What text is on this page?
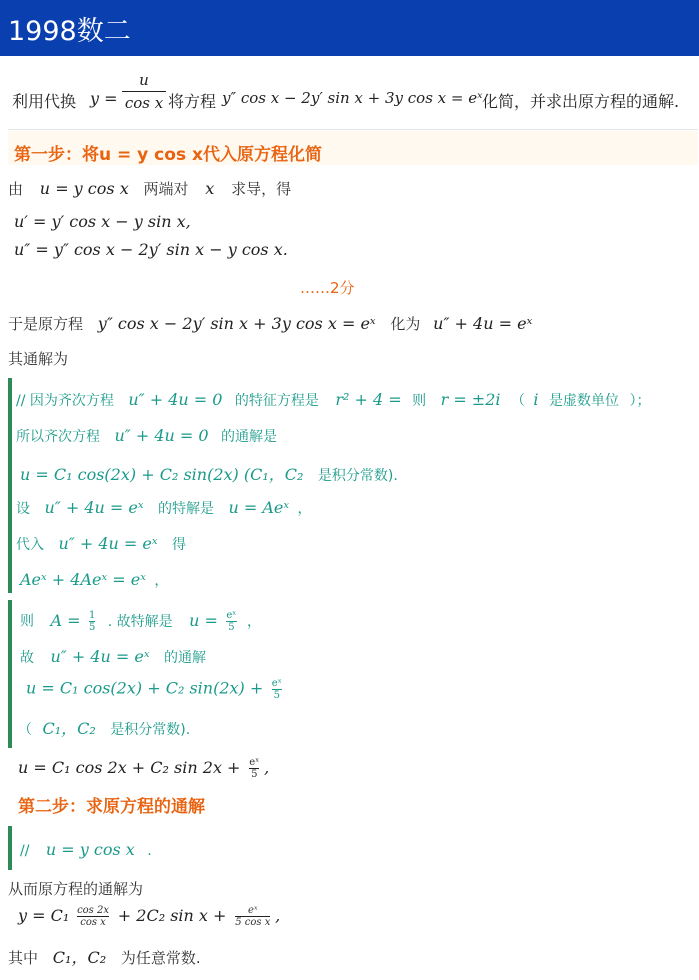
1998数二
利用代换 y =
u
cos x 将方程 y″ cos x − 2y′ sin x + 3y cos x = eˣ 化简，并求出原方程的通解.
第一步：将u = y cos x代入原方程化简
由 u = y cos x 两端对 x 求导，得
u′ = y′ cos x − y sin x,
u″ = y″ cos x − 2y′ sin x − y cos x.
……2分
于是原方程 y″ cos x − 2y′ sin x + 3y cos x = eˣ 化为 u″ + 4u = eˣ
其通解为
// 因为齐次方程 u″ + 4u = 0 的特征方程是 r² + 4 = 则 r = ±2i （ i 是虚数单位 ）；
所以齐次方程 u″ + 4u = 0 的通解是
u = C₁ cos(2x) + C₂ sin(2x) (C₁，C₂ 是积分常数).
设 u″ + 4u = eˣ 的特解是 u = Aeˣ ，
代入 u″ + 4u = eˣ 得
Aeˣ + 4Aeˣ = eˣ ，
则 $A = \frac{1}{5}$ . 故特解是 $u = \frac{\text{eˣ}}{5}$ ，
故 u″ + 4u = eˣ 的通解
u = C₁ cos(2x) + C₂ $\sin(2x) + \frac{\text{eˣ}}{5}$
（ C₁，C₂ 是积分常数).
u = C₁ cos 2x + C₂ $\sin 2x + \frac{\text{eˣ}}{5}$ ,
第二步：求原方程的通解
// u = y cos x .
从而原方程的通解为
$y = C_1 \frac{\cos 2x}{\text{cos x}} + 2C_2$ $\sin x + \frac{\text{eˣ}}{\text{5 cos x}}$ ,
其中 C₁，C₂ 为任意常数.
